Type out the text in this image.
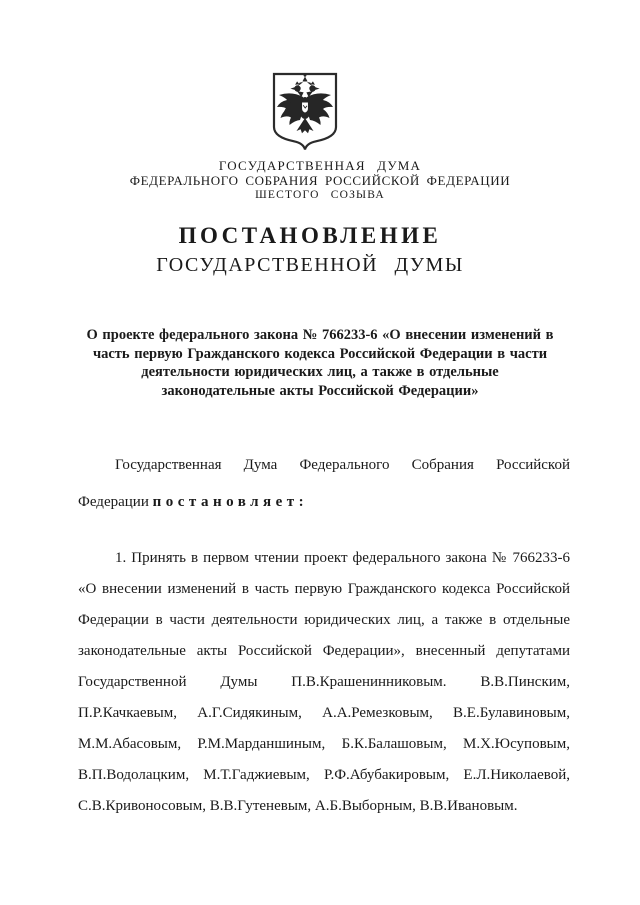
ГОСУДАРСТВЕННАЯ ДУМА
ФЕДЕРАЛЬНОГО СОБРАНИЯ РОССИЙСКОЙ ФЕДЕРАЦИИ
ШЕСТОГО СОЗЫВА
ПОСТАНОВЛЕНИЕ
ГОСУДАРСТВЕННОЙ ДУМЫ
О проекте федерального закона № 766233-6 «О внесении изменений в
часть первую Гражданского кодекса Российской Федерации в части
деятельности юридических лиц, а также в отдельные
законодательные акты Российской Федерации»
Государственная Дума Федерального Собрания Российской
Федерации постановляет:
1. Принять в первом чтении проект федерального закона № 766233-6
«О внесении изменений в часть первую Гражданского кодекса Российской
Федерации в части деятельности юридических лиц, а также в отдельные
законодательные акты Российской Федерации», внесенный депутатами
Государственной Думы П.В.Крашенинниковым. В.В.Пинским,
П.Р.Качкаевым, А.Г.Сидякиным, А.А.Ремезковым, В.Е.Булавиновым,
М.М.Абасовым, Р.М.Марданшиным, Б.К.Балашовым, М.Х.Юсуповым,
В.П.Водолацким, М.Т.Гаджиевым, Р.Ф.Абубакировым, Е.Л.Николаевой,
С.В.Кривоносовым, В.В.Гутеневым, А.Б.Выборным, В.В.Ивановым.
